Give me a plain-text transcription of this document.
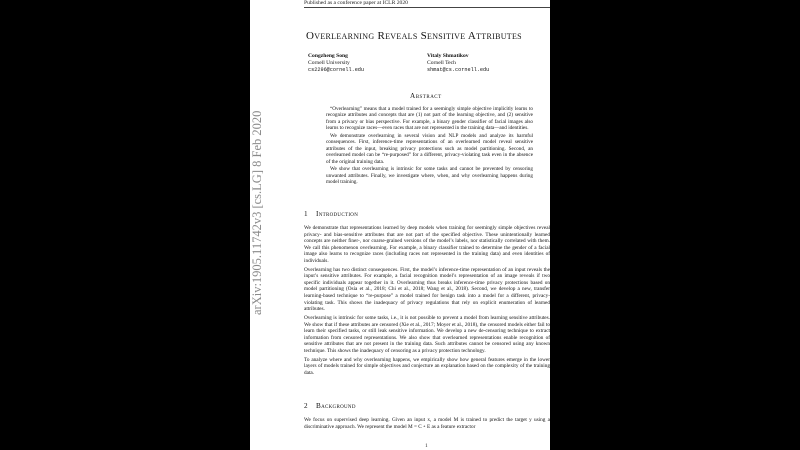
Published as a conference paper at ICLR 2020
Overlearning Reveals Sensitive Attributes
Congzheng Song
Cornell University
cs2296@cornell.edu
Vitaly Shmatikov
Cornell Tech
shmat@cs.cornell.edu
Abstract

“Overlearning” means that a model trained for a seemingly simple objective implicitly learns to recognize attributes and concepts that are (1) not part of the learning objective, and (2) sensitive from a privacy or bias perspective. For example, a binary gender classifier of facial images also learns to recognize races—even races that are not represented in the training data—and identities.

We demonstrate overlearning in several vision and NLP models and analyze its harmful consequences. First, inference-time representations of an overlearned model reveal sensitive attributes of the input, breaking privacy protections such as model partitioning. Second, an overlearned model can be “re-purposed” for a different, privacy-violating task even in the absence of the original training data.

We show that overlearning is intrinsic for some tasks and cannot be prevented by censoring unwanted attributes. Finally, we investigate where, when, and why overlearning happens during model training.

1 Introduction

We demonstrate that representations learned by deep models when training for seemingly simple objectives reveal privacy- and bias-sensitive attributes that are not part of the specified objective. These unintentionally learned concepts are neither finer-, nor coarse-grained versions of the model’s labels, nor statistically correlated with them. We call this phenomenon overlearning. For example, a binary classifier trained to determine the gender of a facial image also learns to recognize races (including races not represented in the training data) and even identities of individuals.

Overlearning has two distinct consequences. First, the model’s inference-time representation of an input reveals the input’s sensitive attributes. For example, a facial recognition model’s representation of an image reveals if two specific individuals appear together in it. Overlearning thus breaks inference-time privacy protections based on model partitioning (Osia et al., 2018; Chi et al., 2018; Wang et al., 2018). Second, we develop a new, transfer learning-based technique to “re-purpose” a model trained for benign task into a model for a different, privacy-violating task. This shows the inadequacy of privacy regulations that rely on explicit enumeration of learned attributes.

Overlearning is intrinsic for some tasks, i.e., it is not possible to prevent a model from learning sensitive attributes. We show that if these attributes are censored (Xie et al., 2017; Moyer et al., 2018), the censored models either fail to learn their specified tasks, or still leak sensitive information. We develop a new de-censoring technique to extract information from censored representations. We also show that overlearned representations enable recognition of sensitive attributes that are not present in the training data. Such attributes cannot be censored using any known technique. This shows the inadequacy of censoring as a privacy protection technology.

To analyze where and why overlearning happens, we empirically show how general features emerge in the lower layers of models trained for simple objectives and conjecture an explanation based on the complexity of the training data.

2 Background

We focus on supervised deep learning. Given an input x, a model M is trained to predict the target y using a discriminative approach. We represent the model M = C ∘ E as a feature extractor

1
arXiv:1905.11742v3 [cs.LG] 8 Feb 2020
